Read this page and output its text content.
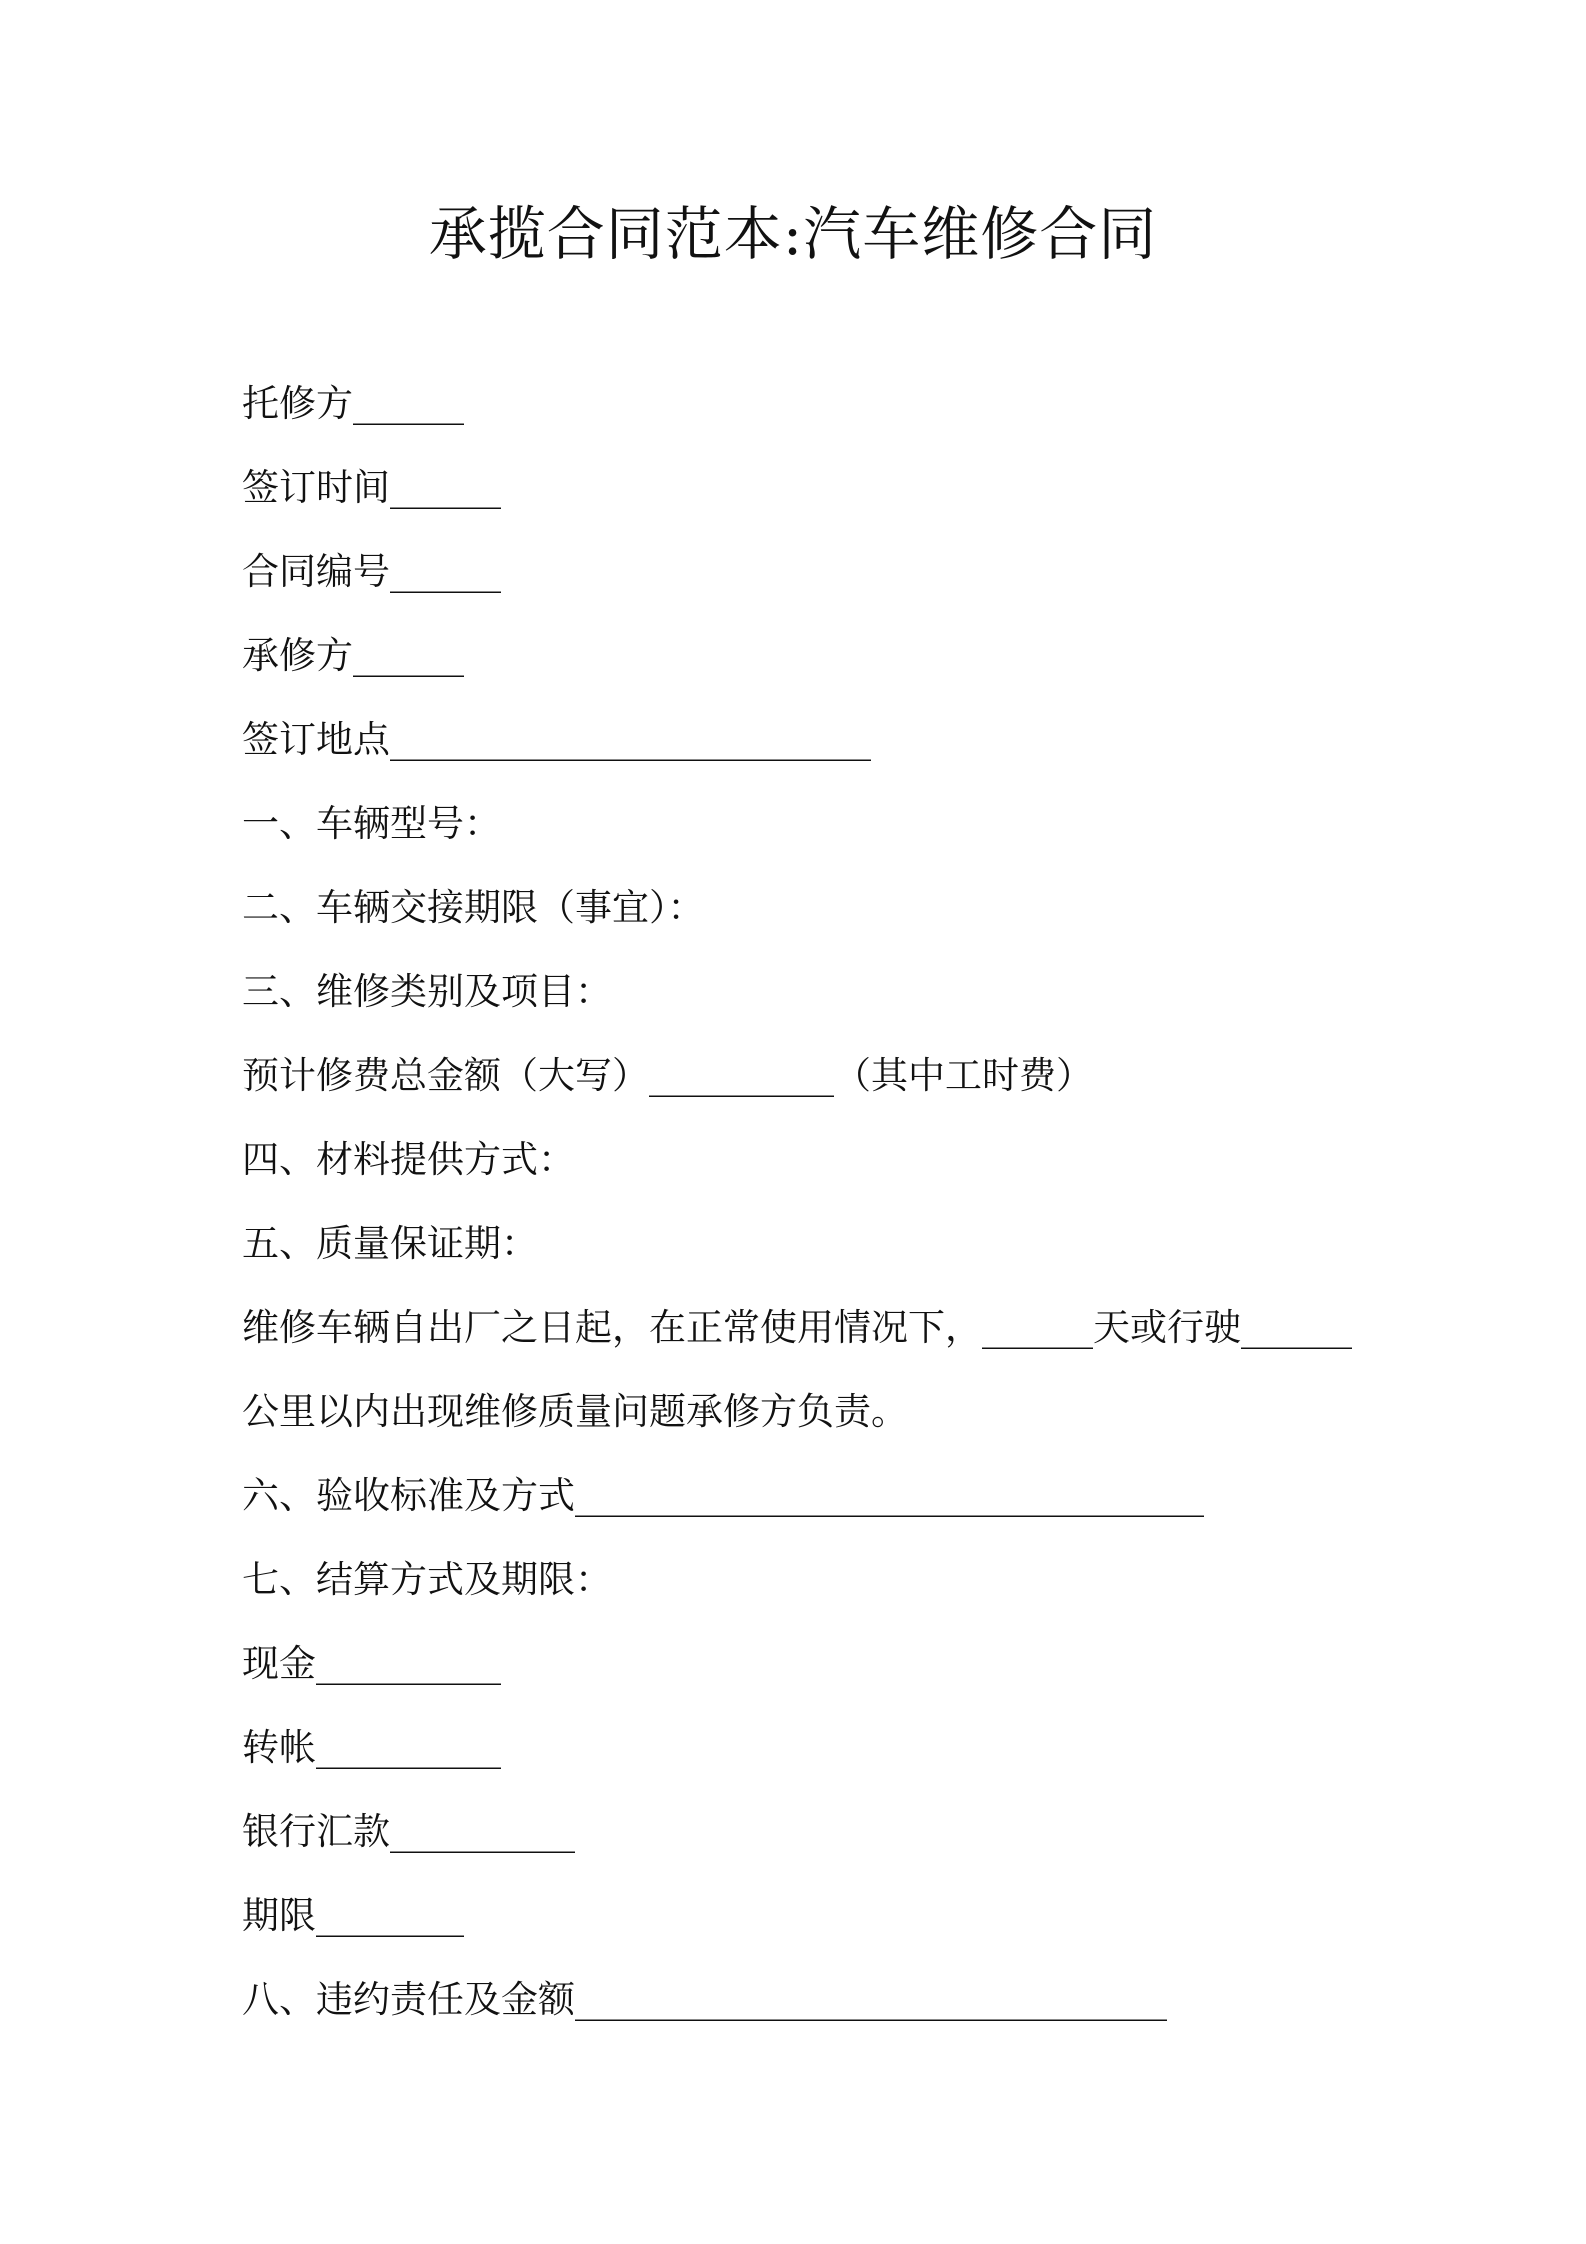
承揽合同范本:汽车维修合同
托修方______
签订时间______
合同编号______
承修方______
签订地点__________________________
一、车辆型号：
二、车辆交接期限（事宜）：
三、维修类别及项目：
预计修费总金额（大写）__________（其中工时费）
四、材料提供方式：
五、质量保证期：
维修车辆自出厂之日起，在正常使用情况下，______天或行驶______
公里以内出现维修质量问题承修方负责。
六、验收标准及方式__________________________________
七、结算方式及期限：
现金__________
转帐__________
银行汇款__________
期限________
八、违约责任及金额________________________________
